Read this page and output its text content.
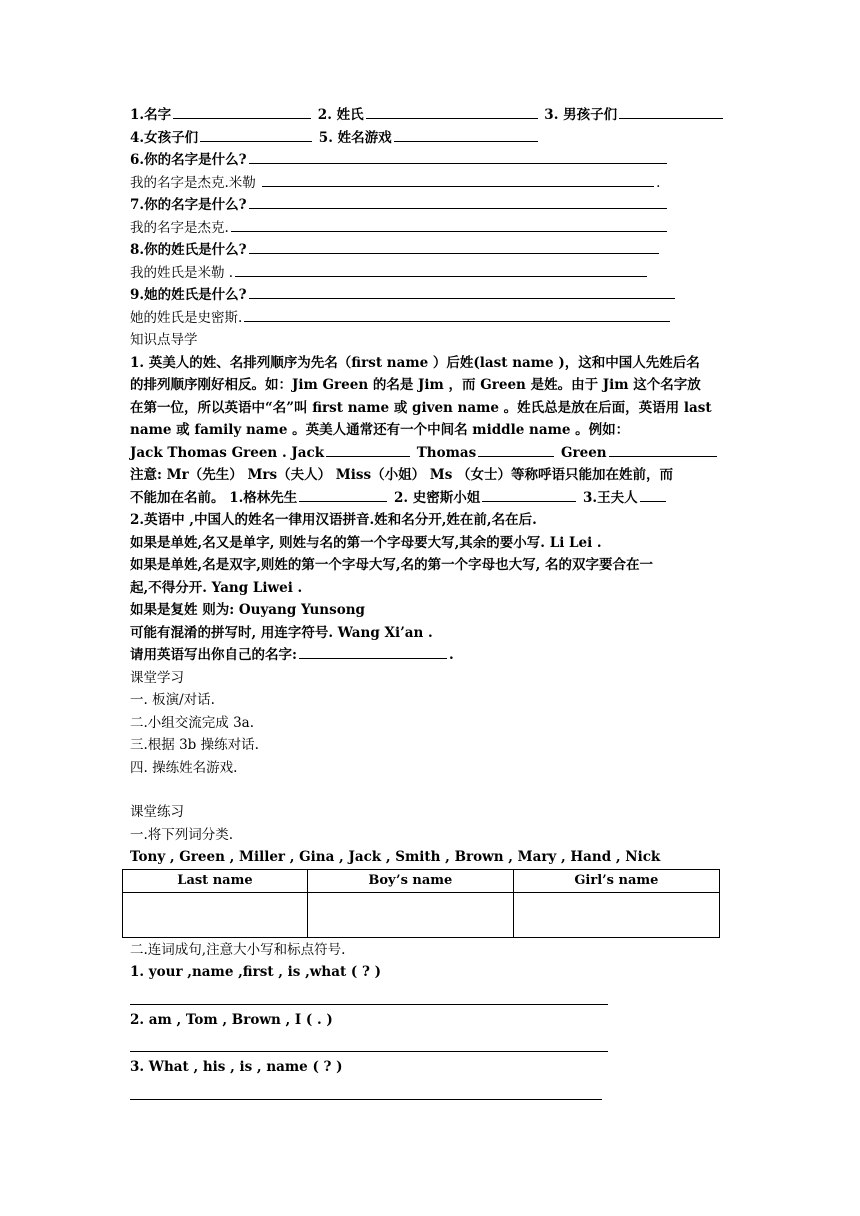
1.名字	2. 姓氏	3. 男孩子们
4.女孩子们	5. 姓名游戏
6.你的名字是什么?
我的名字是杰克.米勒	.
7.你的名字是什么?
我的名字是杰克.
8.你的姓氏是什么?
我的姓氏是米勒 .
9.她的姓氏是什么?
她的姓氏是史密斯.
知识点导学
1. 英美人的姓、名排列顺序为先名（first name ）后姓(last name )，这和中国人先姓后名
的排列顺序刚好相反。如：Jim Green 的名是 Jim ，而 Green 是姓。由于 Jim 这个名字放
在第一位，所以英语中“名”叫 first name 或 given name 。姓氏总是放在后面，英语用 last
name 或 family name 。英美人通常还有一个中间名 middle name 。例如：
Jack Thomas Green . Jack	Thomas	Green
注意: Mr（先生） Mrs（夫人） Miss（小姐） Ms （女士）等称呼语只能加在姓前，而
不能加在名前。 1.格林先生	2. 史密斯小姐	3.王夫人
2.英语中 ,中国人的姓名一律用汉语拼音.姓和名分开,姓在前,名在后.
如果是单姓,名又是单字, 则姓与名的第一个字母要大写,其余的要小写. Li Lei .
如果是单姓,名是双字,则姓的第一个字母大写,名的第一个字母也大写, 名的双字要合在一
起,不得分开. Yang Liwei .
如果是复姓 则为: Ouyang Yunsong
可能有混淆的拼写时, 用连字符号. Wang Xi’an .
请用英语写出你自己的名字:	.
课堂学习
一. 板演/对话.
二.小组交流完成 3a.
三.根据 3b 操练对话.
四. 操练姓名游戏.
课堂练习
一.将下列词分类.
Tony , Green , Miller , Gina , Jack , Smith , Brown , Mary , Hand , Nick
Last name	Boy’s name	Girl’s name

二.连词成句,注意大小写和标点符号.
1. your ,name ,first , is ,what ( ? )
2. am , Tom , Brown , I ( . )
3. What , his , is , name ( ? )
